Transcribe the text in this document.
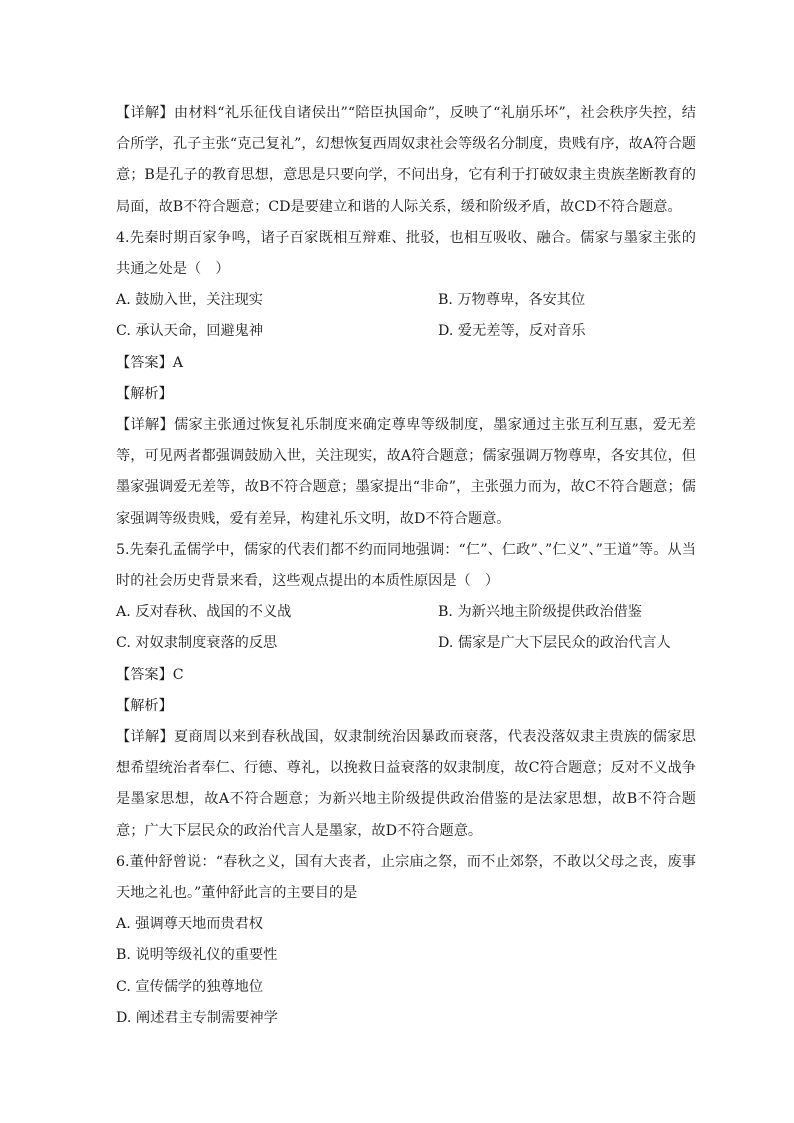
【详解】由材料“礼乐征伐自诸侯出”“陪臣执国命”，反映了“礼崩乐坏”，社会秩序失控，结合所学，孔子主张“克己复礼”，幻想恢复西周奴隶社会等级名分制度，贵贱有序，故A符合题意；B是孔子的教育思想，意思是只要向学，不问出身，它有利于打破奴隶主贵族垄断教育的局面，故B不符合题意；CD是要建立和谐的人际关系，缓和阶级矛盾，故CD不符合题意。

4.先秦时期百家争鸣，诸子百家既相互辩难、批驳，也相互吸收、融合。儒家与墨家主张的共通之处是（　）

A. 鼓励入世，关注现实	B. 万物尊卑，各安其位
C. 承认天命，回避鬼神	D. 爱无差等，反对音乐

【答案】A

【解析】

【详解】儒家主张通过恢复礼乐制度来确定尊卑等级制度，墨家通过主张互利互惠，爱无差等，可见两者都强调鼓励入世，关注现实，故A符合题意；儒家强调万物尊卑，各安其位，但墨家强调爱无差等，故B不符合题意；墨家提出“非命”，主张强力而为，故C不符合题意；儒家强调等级贵贱，爱有差异，构建礼乐文明，故D不符合题意。

5.先秦孔孟儒学中，儒家的代表们都不约而同地强调：“仁”、仁政”、”仁义”、”王道”等。从当时的社会历史背景来看，这些观点提出的本质性原因是（　）

A. 反对春秋、战国的不义战	B. 为新兴地主阶级提供政治借鉴
C. 对奴隶制度衰落的反思	D. 儒家是广大下层民众的政治代言人

【答案】C

【解析】

【详解】夏商周以来到春秋战国，奴隶制统治因暴政而衰落，代表没落奴隶主贵族的儒家思想希望统治者奉仁、行德、尊礼，以挽救日益衰落的奴隶制度，故C符合题意；反对不义战争是墨家思想，故A不符合题意；为新兴地主阶级提供政治借鉴的是法家思想，故B不符合题意；广大下层民众的政治代言人是墨家，故D不符合题意。

6.董仲舒曾说：“春秋之义，国有大丧者，止宗庙之祭，而不止郊祭，不敢以父母之丧，废事天地之礼也。”董仲舒此言的主要目的是

A. 强调尊天地而贵君权
B. 说明等级礼仪的重要性
C. 宣传儒学的独尊地位
D. 阐述君主专制需要神学
